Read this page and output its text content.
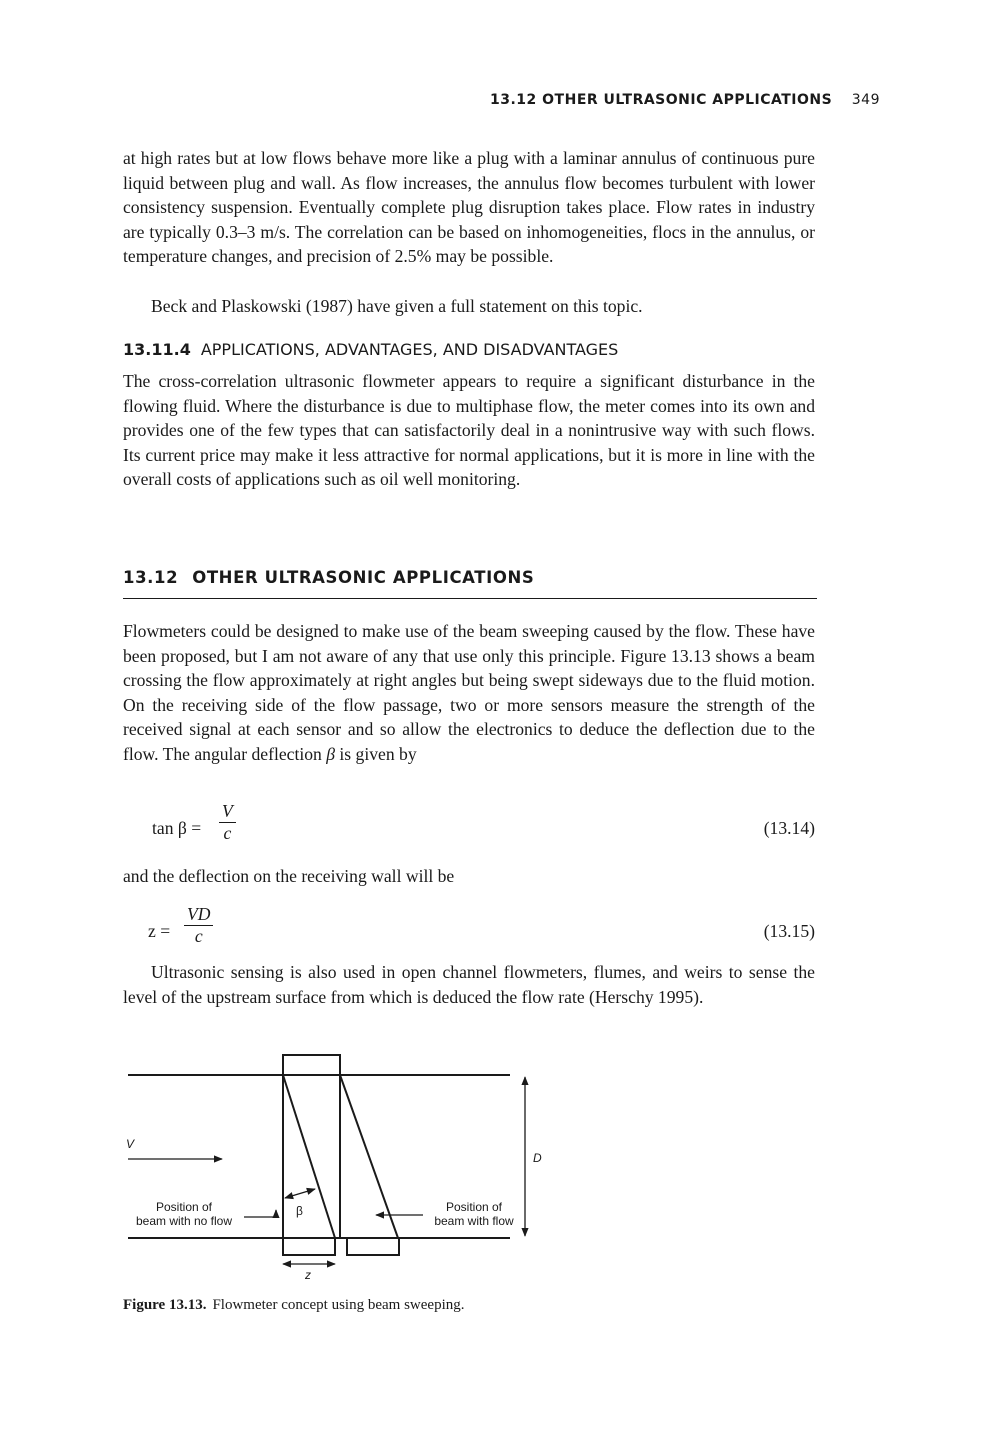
13.12 OTHER ULTRASONIC APPLICATIONS 349

at high rates but at low flows behave more like a plug with a laminar annulus of continuous pure liquid between plug and wall. As flow increases, the annulus flow becomes turbulent with lower consistency suspension. Eventually complete plug disruption takes place. Flow rates in industry are typically 0.3–3 m/s. The correlation can be based on inhomogeneities, flocs in the annulus, or temperature changes, and precision of 2.5% may be possible.

Beck and Plaskowski (1987) have given a full statement on this topic.

13.11.4 APPLICATIONS, ADVANTAGES, AND DISADVANTAGES

The cross-correlation ultrasonic flowmeter appears to require a significant disturbance in the flowing fluid. Where the disturbance is due to multiphase flow, the meter comes into its own and provides one of the few types that can satisfactorily deal in a nonintrusive way with such flows. Its current price may make it less attractive for normal applications, but it is more in line with the overall costs of applications such as oil well monitoring.

13.12 OTHER ULTRASONIC APPLICATIONS

Flowmeters could be designed to make use of the beam sweeping caused by the flow. These have been proposed, but I am not aware of any that use only this principle. Figure 13.13 shows a beam crossing the flow approximately at right angles but being swept sideways due to the fluid motion. On the receiving side of the flow passage, two or more sensors measure the strength of the received signal at each sensor and so allow the electronics to deduce the deflection due to the flow. The angular deflection β is given by

$\tan \beta = \frac{V}{c}$	(13.14)

and the deflection on the receiving wall will be

$z = \frac{VD}{c}$	(13.15)

Ultrasonic sensing is also used in open channel flowmeters, flumes, and weirs to sense the level of the upstream surface from which is deduced the flow rate (Herschy 1995).

V
β
D
z
Position of
beam with no flow
Position of
beam with flow
Figure 13.13. Flowmeter concept using beam sweeping.
